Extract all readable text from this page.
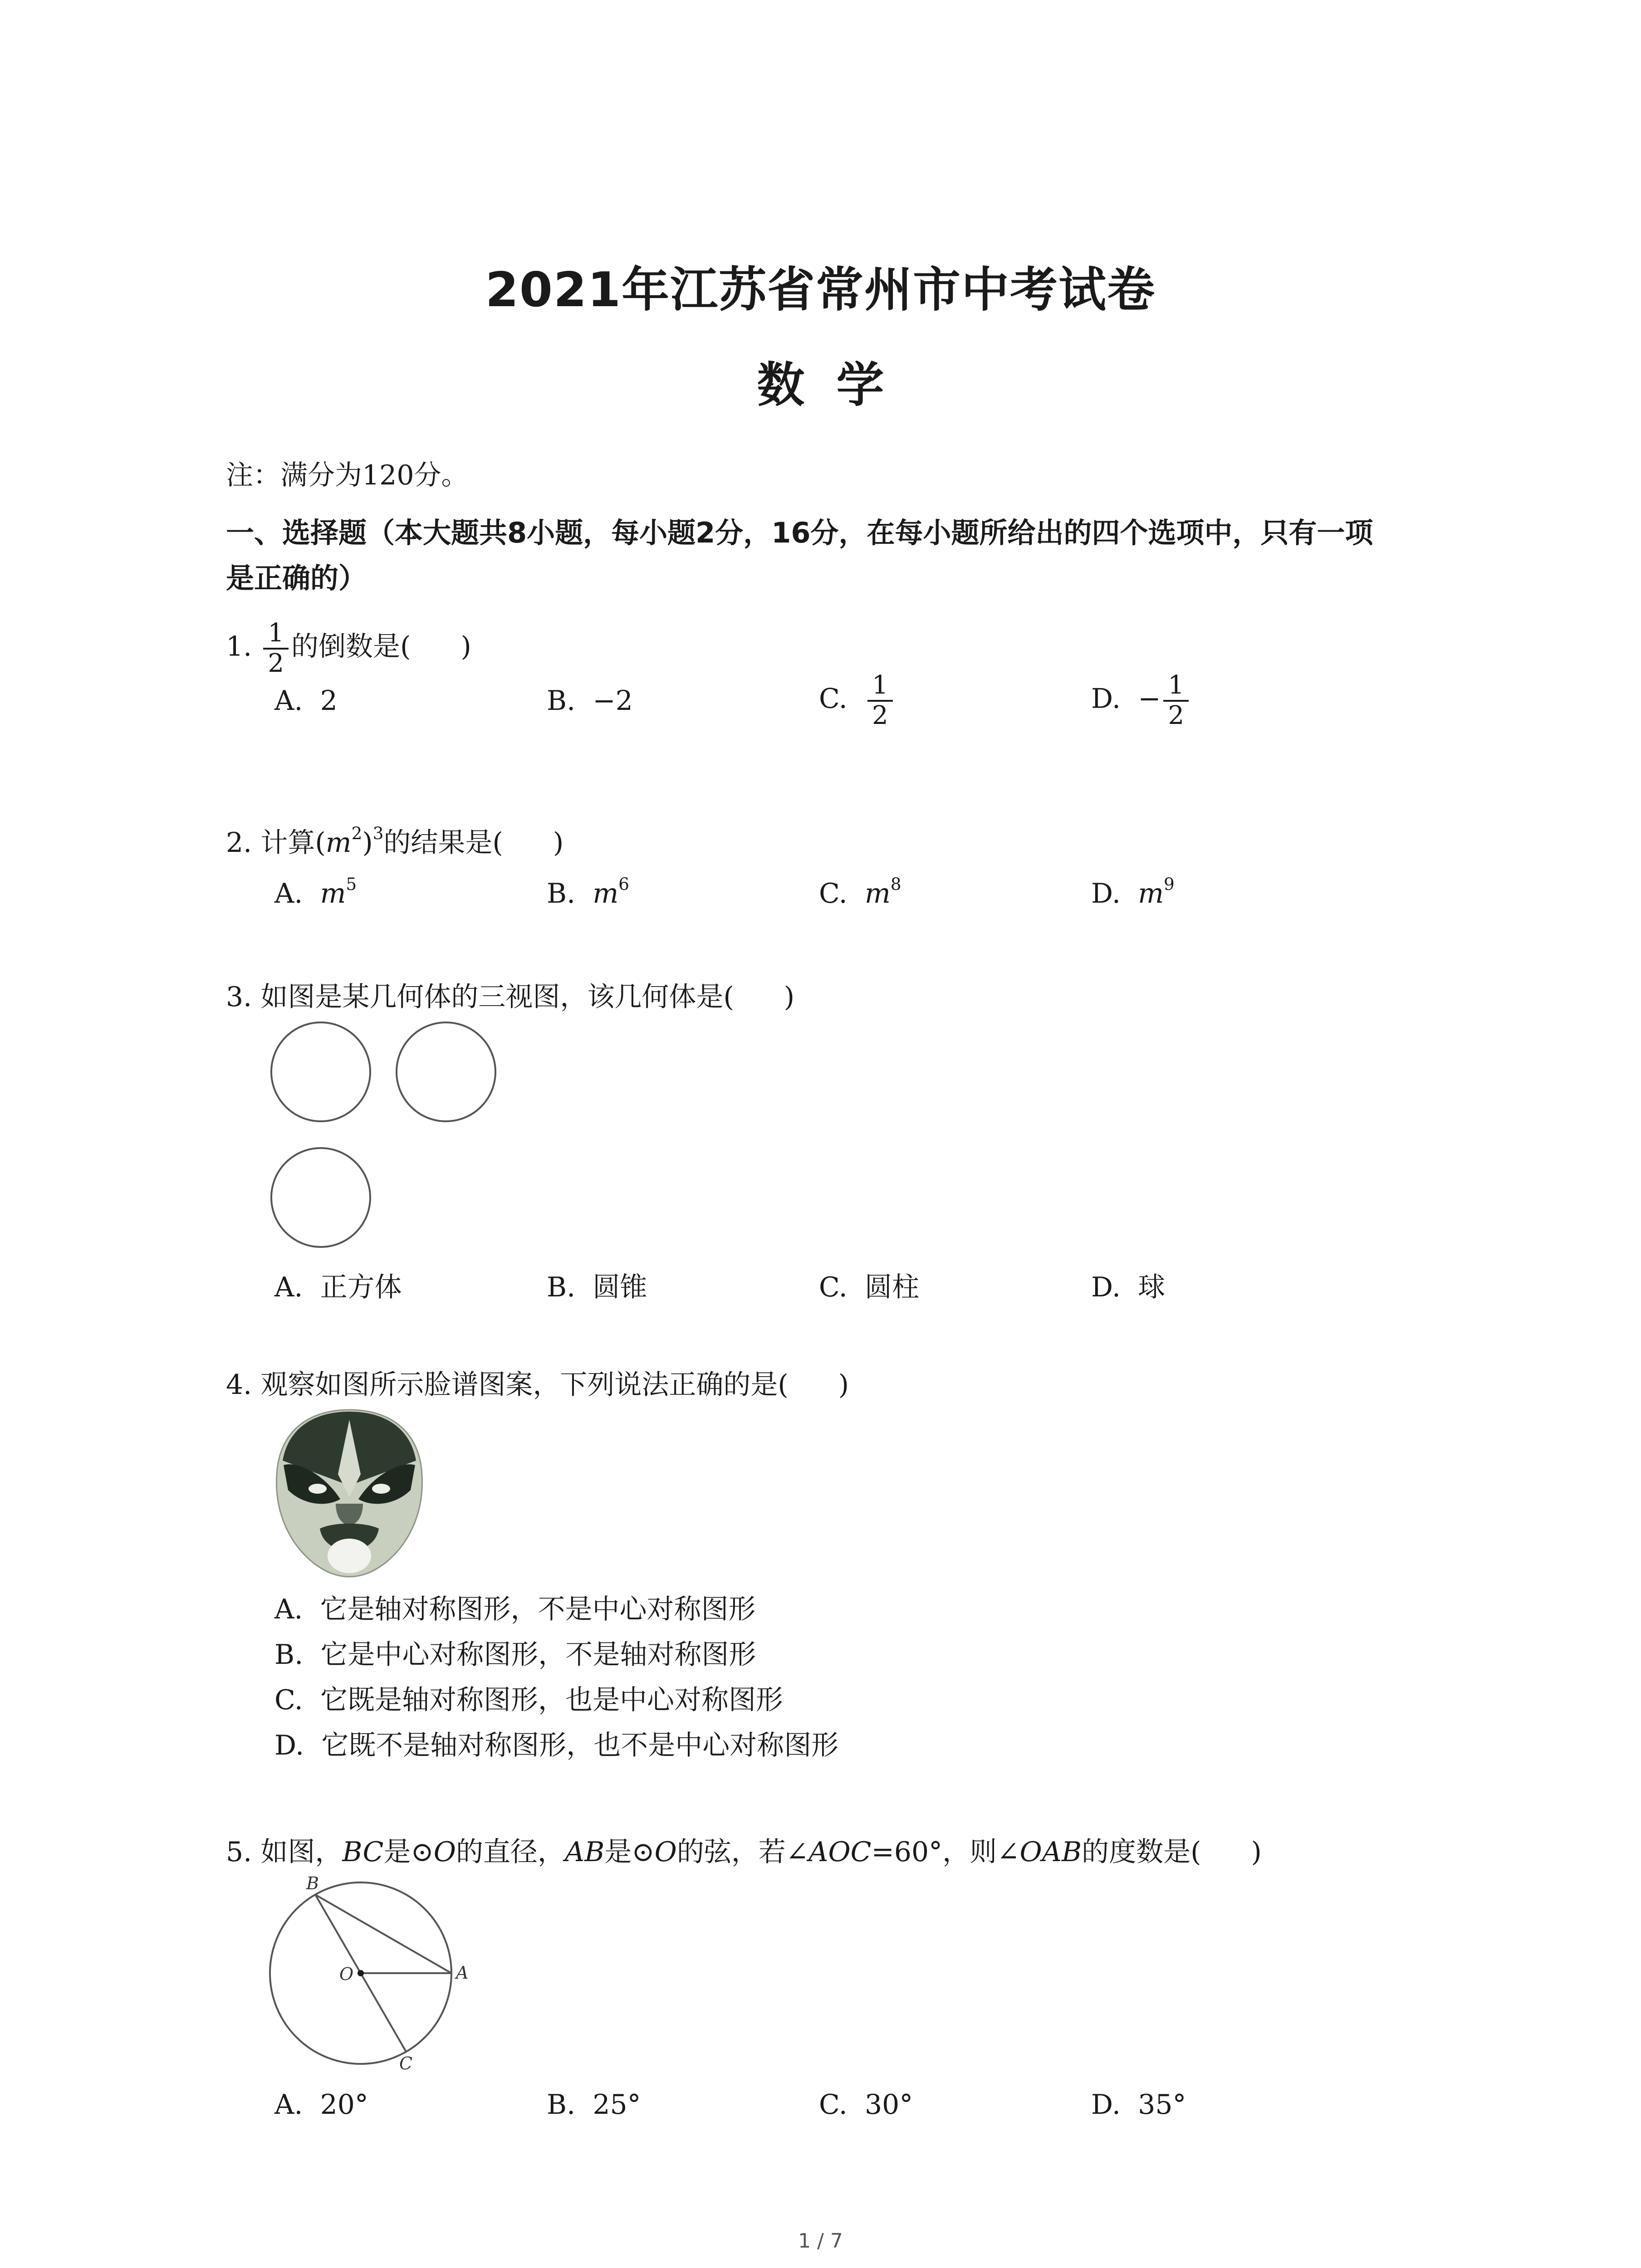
2021年江苏省常州市中考试卷
数学
注：满分为120分。
一、选择题（本大题共8小题，每小题2分，16分，在每小题所给出的四个选项中，只有一项
是正确的）
1. $\frac{1}{2}$ 的倒数是( )
A. 2	B. −2	C. $\frac{1}{2}$	D. − $\frac{1}{2}$
2. 计算$(m^2)^3$的结果是( )
A. $m^5$	B. $m^6$	C. $m^8$	D. $m^9$
3. 如图是某几何体的三视图，该几何体是( )
A. 正方体	B. 圆锥	C. 圆柱	D. 球
4. 观察如图所示脸谱图案，下列说法正确的是( )
A. 它是轴对称图形，不是中心对称图形
B. 它是中心对称图形，不是轴对称图形
C. 它既是轴对称图形，也是中心对称图形
D. 它既不是轴对称图形，也不是中心对称图形
5. 如图，BC是⊙O的直径，AB是⊙O的弦，若∠AOC=60°，则∠OAB的度数是( )
B
O	A
C
A. 20°	B. 25°	C. 30°	D. 35°
1 / 7
